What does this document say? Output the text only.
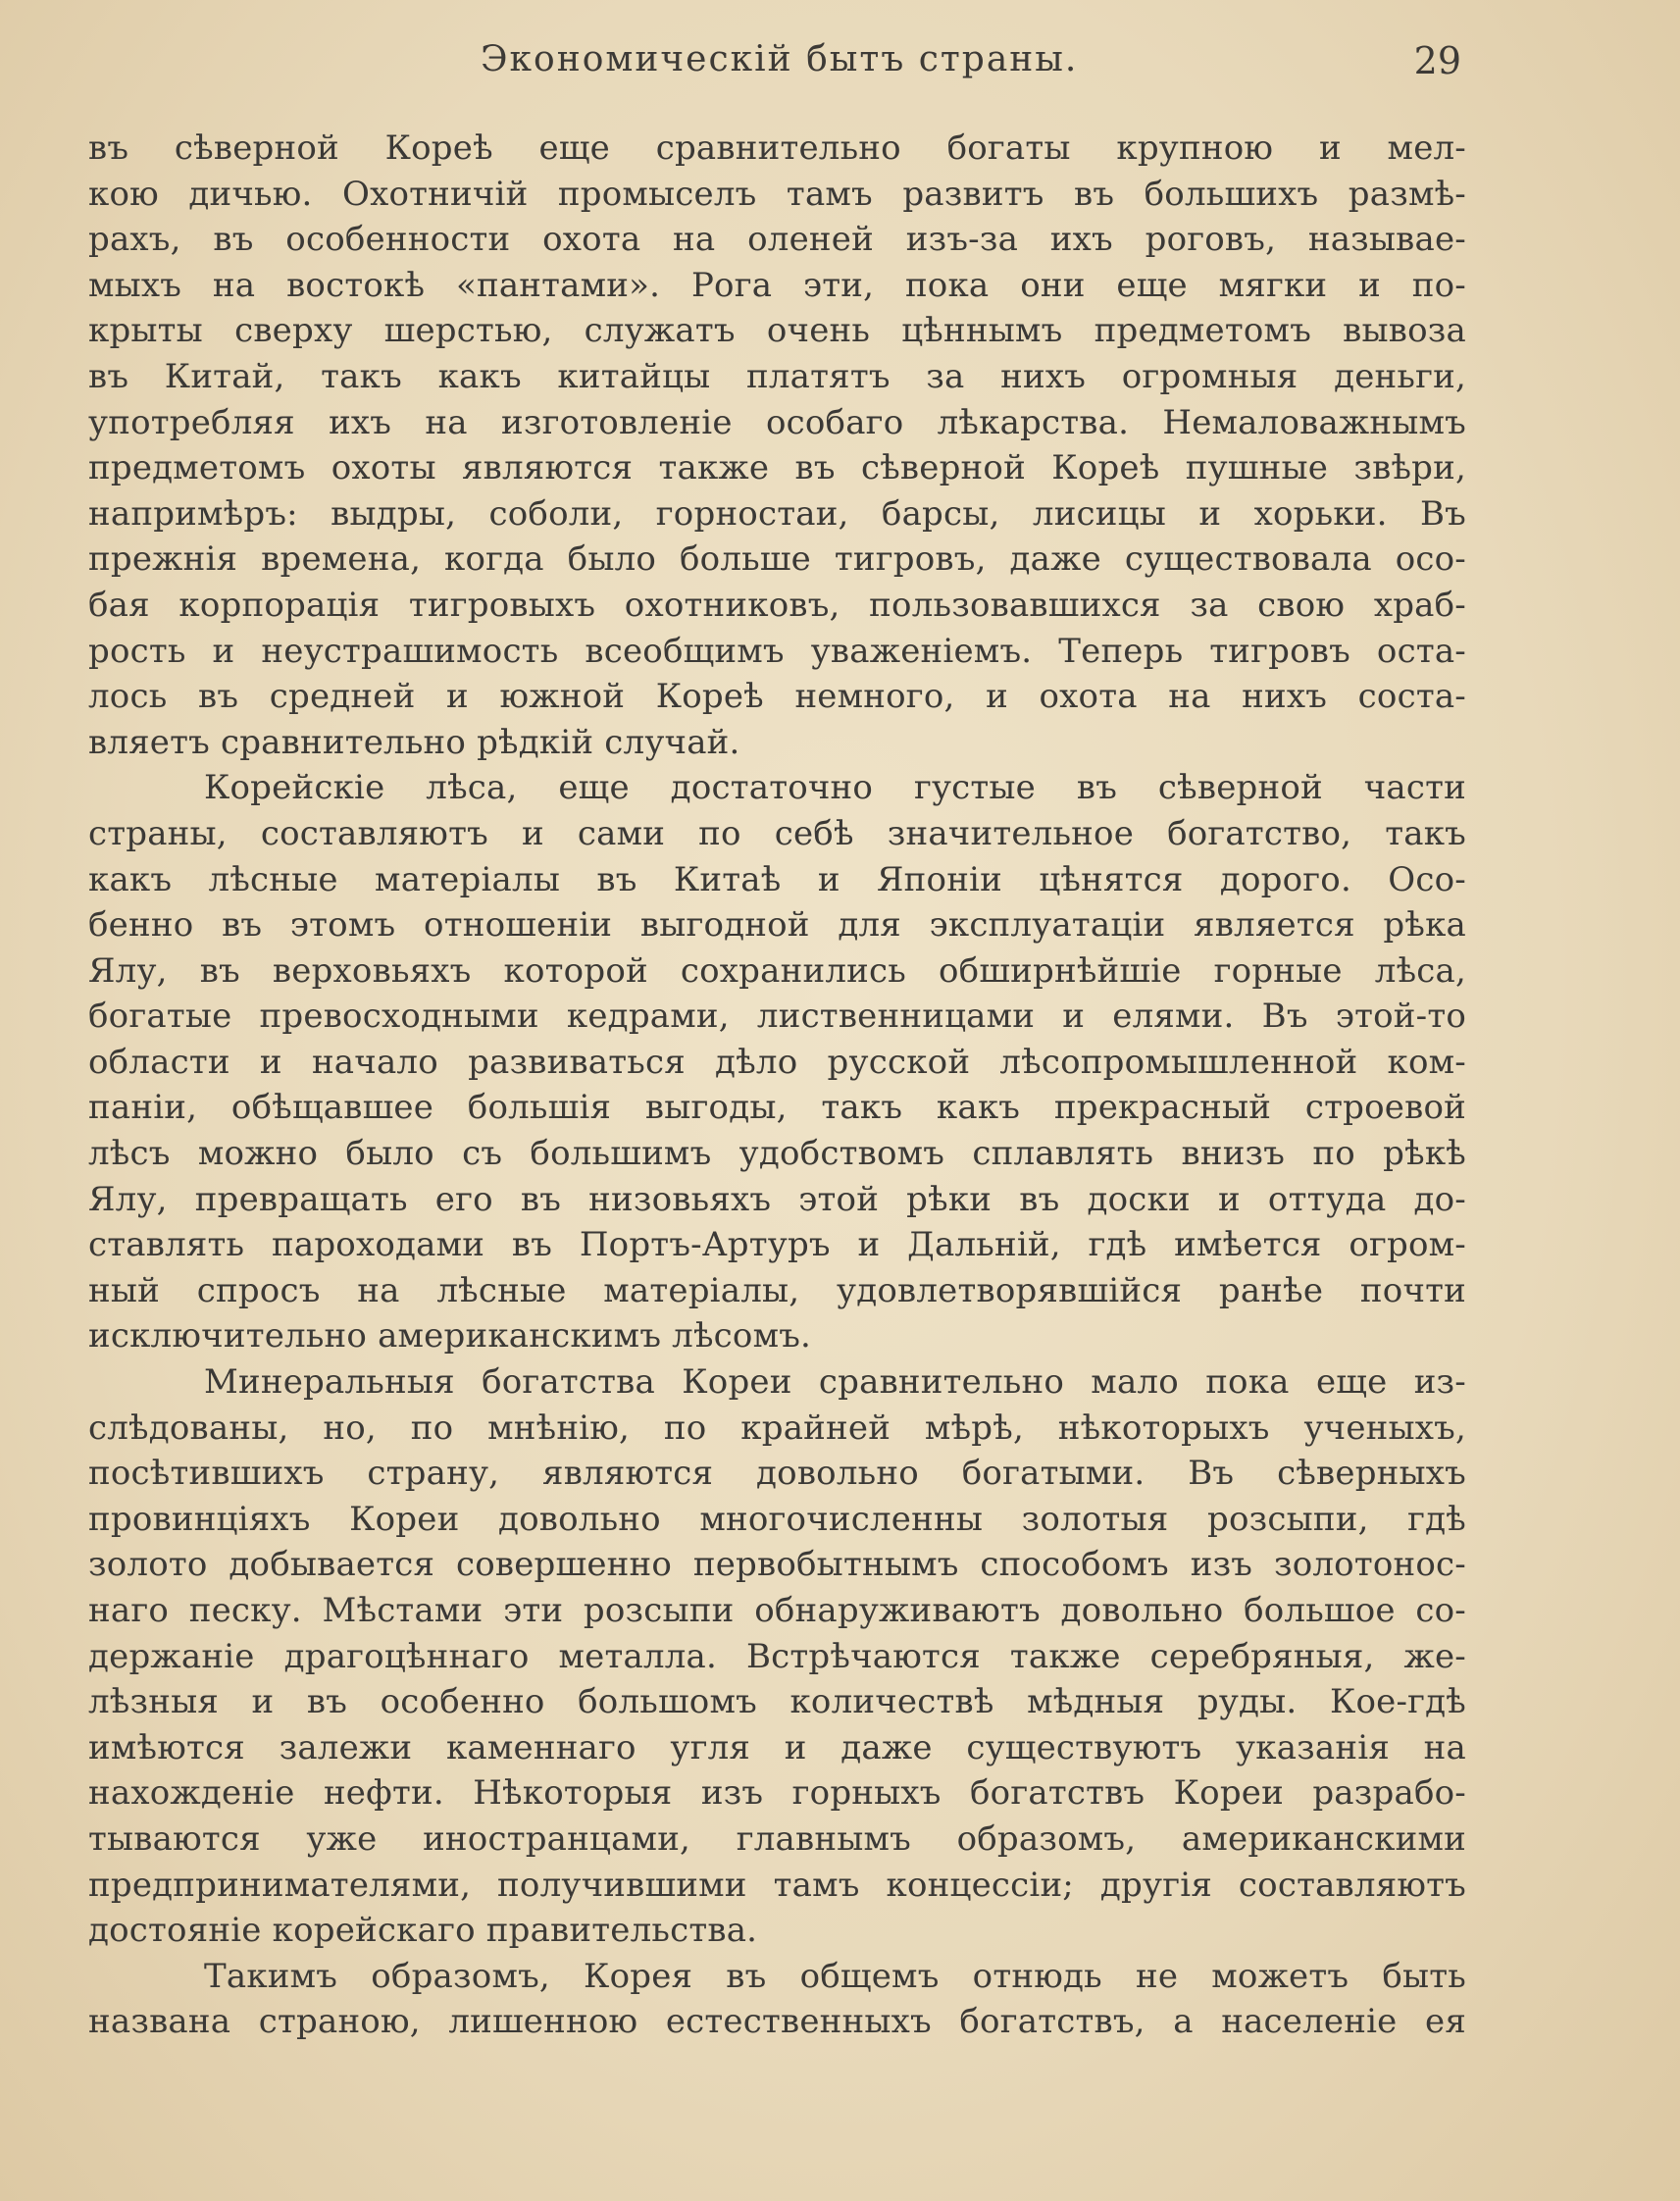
Экономическій бытъ страны.	29
въ сѣверной Кореѣ еще сравнительно богаты крупною и мел-
кою дичью. Охотничій промыселъ тамъ развитъ въ большихъ размѣ-
рахъ, въ особенности охота на оленей изъ-за ихъ роговъ, называе-
мыхъ на востокѣ «пантами». Рога эти, пока они еще мягки и по-
крыты сверху шерстью, служатъ очень цѣннымъ предметомъ вывоза
въ Китай, такъ какъ китайцы платятъ за нихъ огромныя деньги,
употребляя ихъ на изготовленіе особаго лѣкарства. Немаловажнымъ
предметомъ охоты являются также въ сѣверной Кореѣ пушные звѣри,
напримѣръ: выдры, соболи, горностаи, барсы, лисицы и хорьки. Въ
прежнія времена, когда было больше тигровъ, даже существовала осо-
бая корпорація тигровыхъ охотниковъ, пользовавшихся за свою храб-
рость и неустрашимость всеобщимъ уваженіемъ. Теперь тигровъ оста-
лось въ средней и южной Кореѣ немного, и охота на нихъ соста-
вляетъ сравнительно рѣдкій случай.
Корейскіе лѣса, еще достаточно густые въ сѣверной части
страны, составляютъ и сами по себѣ значительное богатство, такъ
какъ лѣсные матеріалы въ Китаѣ и Японіи цѣнятся дорого. Осо-
бенно въ этомъ отношеніи выгодной для эксплуатаціи является рѣка
Ялу, въ верховьяхъ которой сохранились обширнѣйшіе горные лѣса,
богатые превосходными кедрами, лиственницами и елями. Въ этой-то
области и начало развиваться дѣло русской лѣсопромышленной ком-
паніи, обѣщавшее большія выгоды, такъ какъ прекрасный строевой
лѣсъ можно было съ большимъ удобствомъ сплавлять внизъ по рѣкѣ
Ялу, превращать его въ низовьяхъ этой рѣки въ доски и оттуда до-
ставлять пароходами въ Портъ-Артуръ и Дальній, гдѣ имѣется огром-
ный спросъ на лѣсные матеріалы, удовлетворявшійся ранѣе почти
исключительно американскимъ лѣсомъ.
Минеральныя богатства Кореи сравнительно мало пока еще из-
слѣдованы, но, по мнѣнію, по крайней мѣрѣ, нѣкоторыхъ ученыхъ,
посѣтившихъ страну, являются довольно богатыми. Въ сѣверныхъ
провинціяхъ Кореи довольно многочисленны золотыя розсыпи, гдѣ
золото добывается совершенно первобытнымъ способомъ изъ золотонос-
наго песку. Мѣстами эти розсыпи обнаруживаютъ довольно большое со-
держаніе драгоцѣннаго металла. Встрѣчаются также серебряныя, же-
лѣзныя и въ особенно большомъ количествѣ мѣдныя руды. Кое-гдѣ
имѣются залежи каменнаго угля и даже существуютъ указанія на
нахожденіе нефти. Нѣкоторыя изъ горныхъ богатствъ Кореи разрабо-
тываются уже иностранцами, главнымъ образомъ, американскими
предпринимателями, получившими тамъ концессіи; другія составляютъ
достояніе корейскаго правительства.
Такимъ образомъ, Корея въ общемъ отнюдь не можетъ быть
названа страною, лишенною естественныхъ богатствъ, а населеніе ея
